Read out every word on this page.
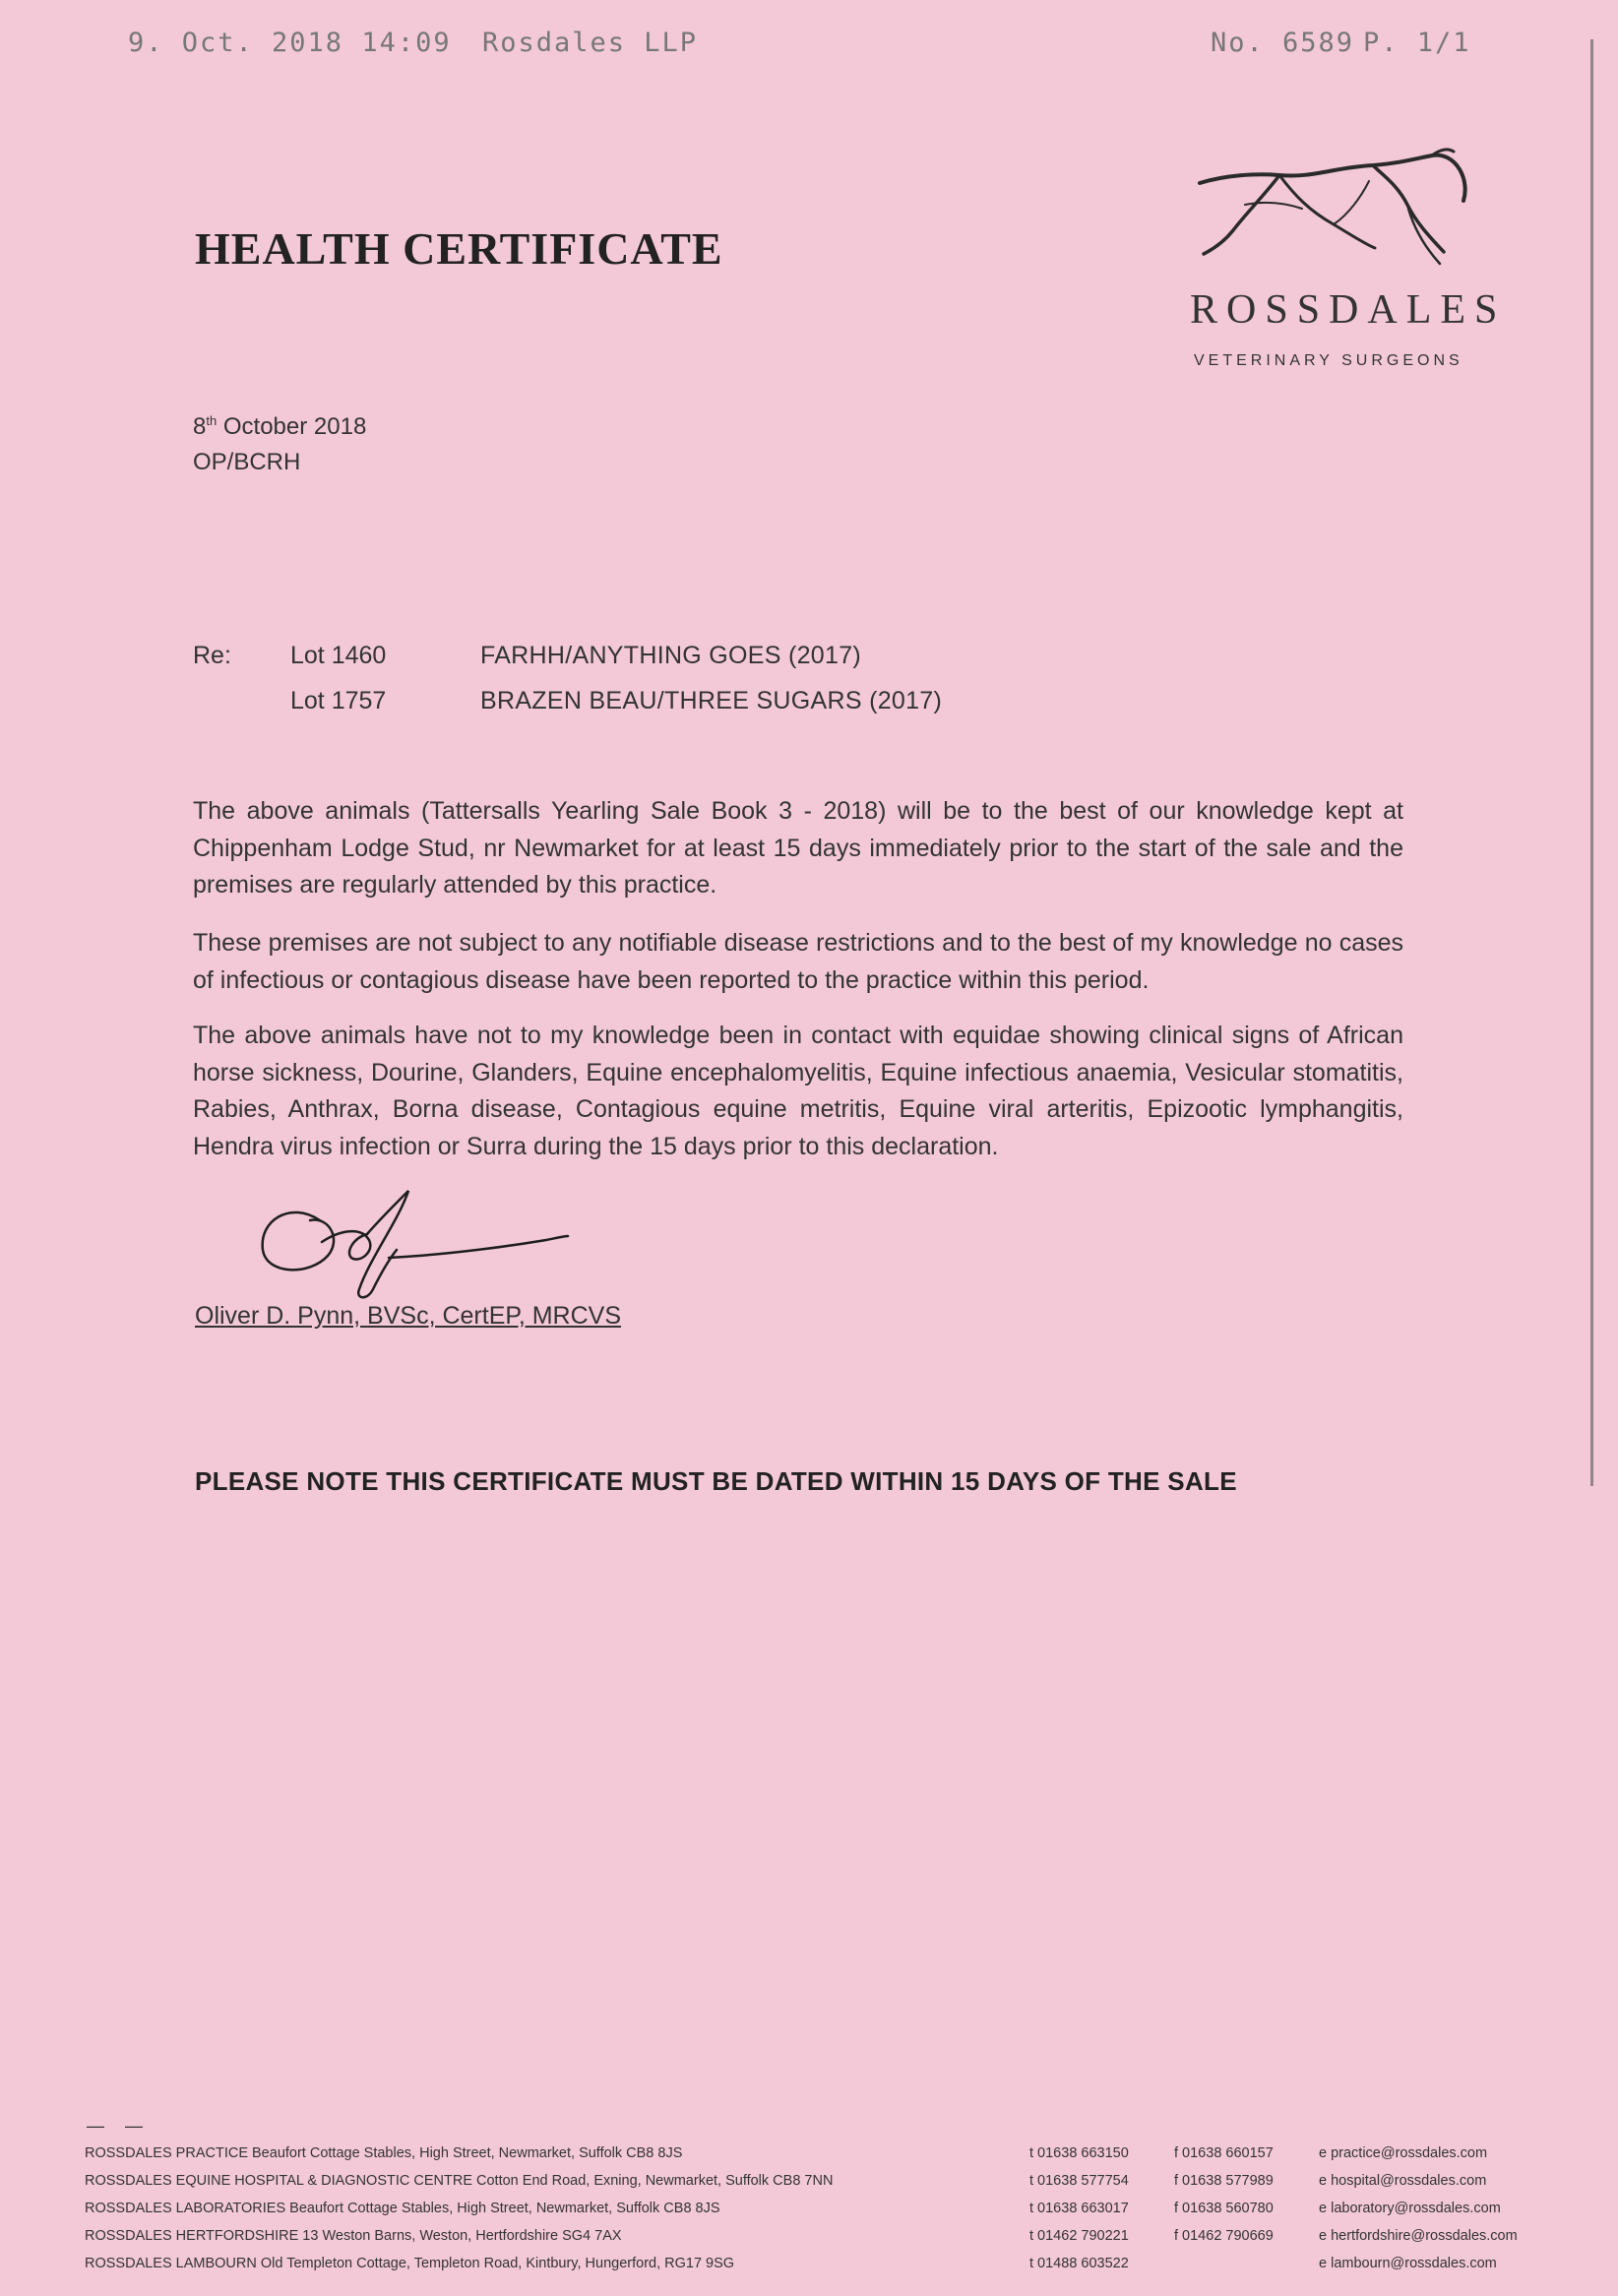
9. Oct. 2018 14:09 Rosdales LLP	No. 6589 P. 1/1
HEALTH CERTIFICATE
ROSSDALES
VETERINARY SURGEONS
8th October 2018
OP/BCRH
Re: Lot 1460	FARHH/ANYTHING GOES (2017)
Lot 1757	BRAZEN BEAU/THREE SUGARS (2017)

The above animals (Tattersalls Yearling Sale Book 3 - 2018) will be to the best of our knowledge kept at Chippenham Lodge Stud, nr Newmarket for at least 15 days immediately prior to the start of the sale and the premises are regularly attended by this practice.

These premises are not subject to any notifiable disease restrictions and to the best of my knowledge no cases of infectious or contagious disease have been reported to the practice within this period.

The above animals have not to my knowledge been in contact with equidae showing clinical signs of African horse sickness, Dourine, Glanders, Equine encephalomyelitis, Equine infectious anaemia, Vesicular stomatitis, Rabies, Anthrax, Borna disease, Contagious equine metritis, Equine viral arteritis, Epizootic lymphangitis, Hendra virus infection or Surra during the 15 days prior to this declaration.

Oliver D. Pynn, BVSc, CertEP, MRCVS
PLEASE NOTE THIS CERTIFICATE MUST BE DATED WITHIN 15 DAYS OF THE SALE
— —
ROSSDALES PRACTICE Beaufort Cottage Stables, High Street, Newmarket, Suffolk CB8 8JS	t 01638 663150	f 01638 660157	e practice@rossdales.com
ROSSDALES EQUINE HOSPITAL & DIAGNOSTIC CENTRE Cotton End Road, Exning, Newmarket, Suffolk CB8 7NN	t 01638 577754	f 01638 577989	e hospital@rossdales.com
ROSSDALES LABORATORIES Beaufort Cottage Stables, High Street, Newmarket, Suffolk CB8 8JS	t 01638 663017	f 01638 560780	e laboratory@rossdales.com
ROSSDALES HERTFORDSHIRE 13 Weston Barns, Weston, Hertfordshire SG4 7AX	t 01462 790221	f 01462 790669	e hertfordshire@rossdales.com
ROSSDALES LAMBOURN Old Templeton Cottage, Templeton Road, Kintbury, Hungerford, RG17 9SG	t 01488 603522	e lambourn@rossdales.com
